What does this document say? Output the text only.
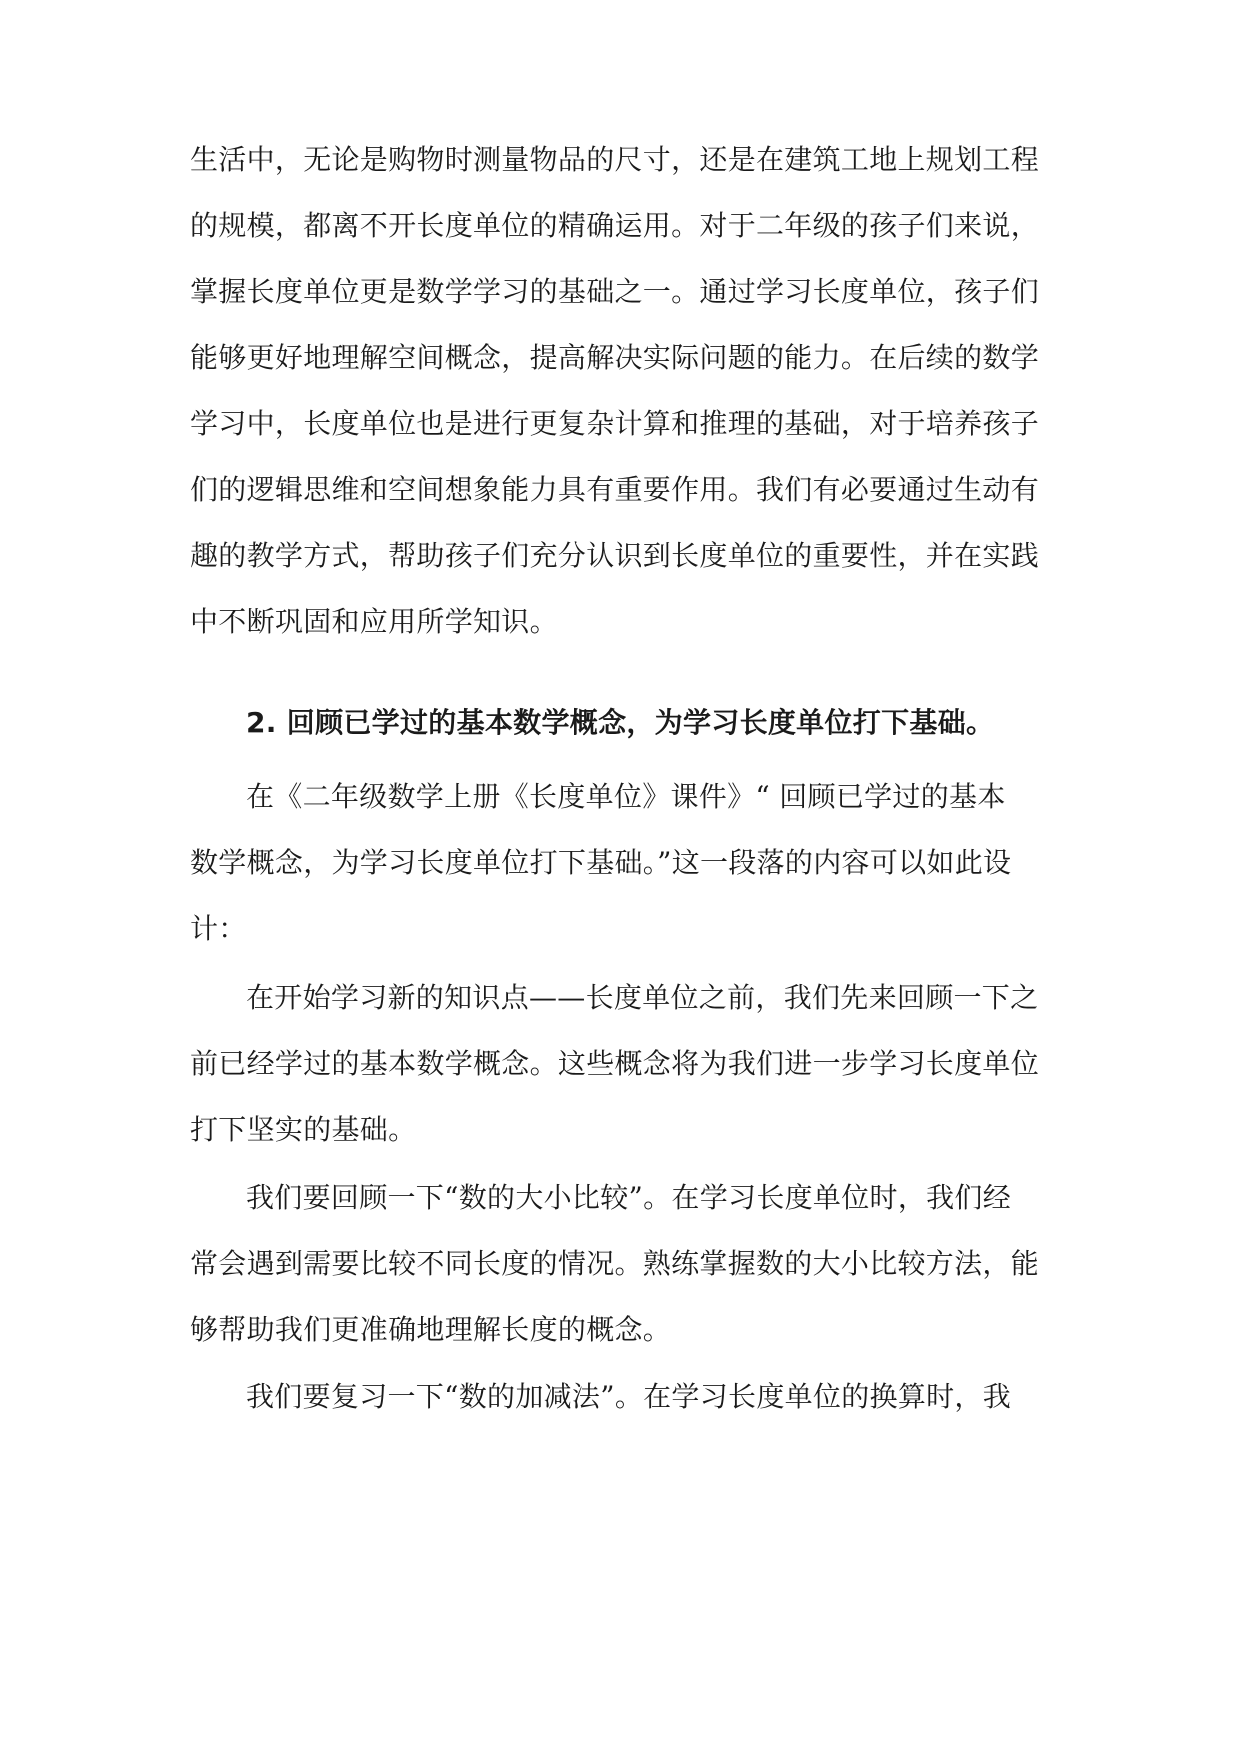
生活中，无论是购物时测量物品的尺寸，还是在建筑工地上规划工程
的规模，都离不开长度单位的精确运用。对于二年级的孩子们来说，
掌握长度单位更是数学学习的基础之一。通过学习长度单位，孩子们
能够更好地理解空间概念，提高解决实际问题的能力。在后续的数学
学习中，长度单位也是进行更复杂计算和推理的基础，对于培养孩子
们的逻辑思维和空间想象能力具有重要作用。我们有必要通过生动有
趣的教学方式，帮助孩子们充分认识到长度单位的重要性，并在实践
中不断巩固和应用所学知识。
2. 回顾已学过的基本数学概念，为学习长度单位打下基础。
在《二年级数学上册《长度单位》课件》“ 回顾已学过的基本
数学概念，为学习长度单位打下基础。”这一段落的内容可以如此设
计：
在开始学习新的知识点——长度单位之前，我们先来回顾一下之
前已经学过的基本数学概念。这些概念将为我们进一步学习长度单位
打下坚实的基础。
我们要回顾一下“数的大小比较”。在学习长度单位时，我们经
常会遇到需要比较不同长度的情况。熟练掌握数的大小比较方法，能
够帮助我们更准确地理解长度的概念。
我们要复习一下“数的加减法”。在学习长度单位的换算时，我
